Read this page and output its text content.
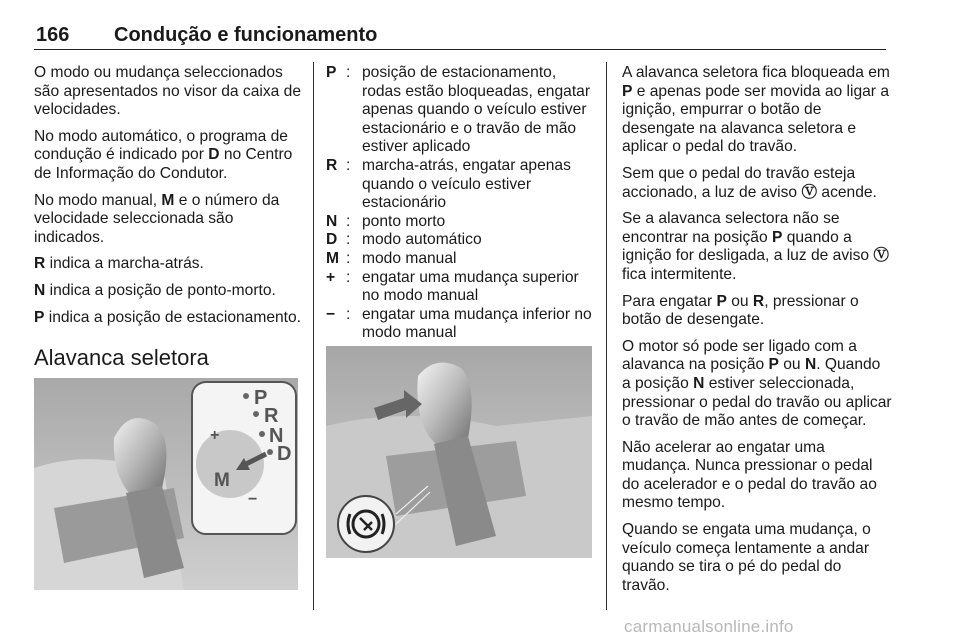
166 Condução e funcionamento

O modo ou mudança seleccionados são apresentados no visor da caixa de velocidades.

No modo automático, o programa de condução é indicado por D no Centro de Informação do Condutor.

No modo manual, M e o número da velocidade seleccionada são indicados.

R indica a marcha-atrás.

N indica a posição de ponto-morto.

P indica a posição de estacionamento.

Alavanca seletora
P
R
N
D
M
+
−
P : posição de estacionamento, rodas estão bloqueadas, engatar apenas quando o veículo estiver estacionário e o travão de mão estiver aplicado
R : marcha-atrás, engatar apenas quando o veículo estiver estacionário
N : ponto morto
D : modo automático
M : modo manual
+ : engatar uma mudança superior no modo manual
− : engatar uma mudança inferior no modo manual

A alavanca seletora fica bloqueada em P e apenas pode ser movida ao ligar a ignição, empurrar o botão de desengate na alavanca seletora e aplicar o pedal do travão.

Sem que o pedal do travão esteja accionado, a luz de aviso Ⓥ acende.

Se a alavanca selectora não se encontrar na posição P quando a ignição for desligada, a luz de aviso Ⓥ fica intermitente.

Para engatar P ou R, pressionar o botão de desengate.

O motor só pode ser ligado com a alavanca na posição P ou N. Quando a posição N estiver seleccionada, pressionar o pedal do travão ou aplicar o travão de mão antes de começar.

Não acelerar ao engatar uma mudança. Nunca pressionar o pedal do acelerador e o pedal do travão ao mesmo tempo.

Quando se engata uma mudança, o veículo começa lentamente a andar quando se tira o pé do pedal do travão.

carmanualsonline.info
